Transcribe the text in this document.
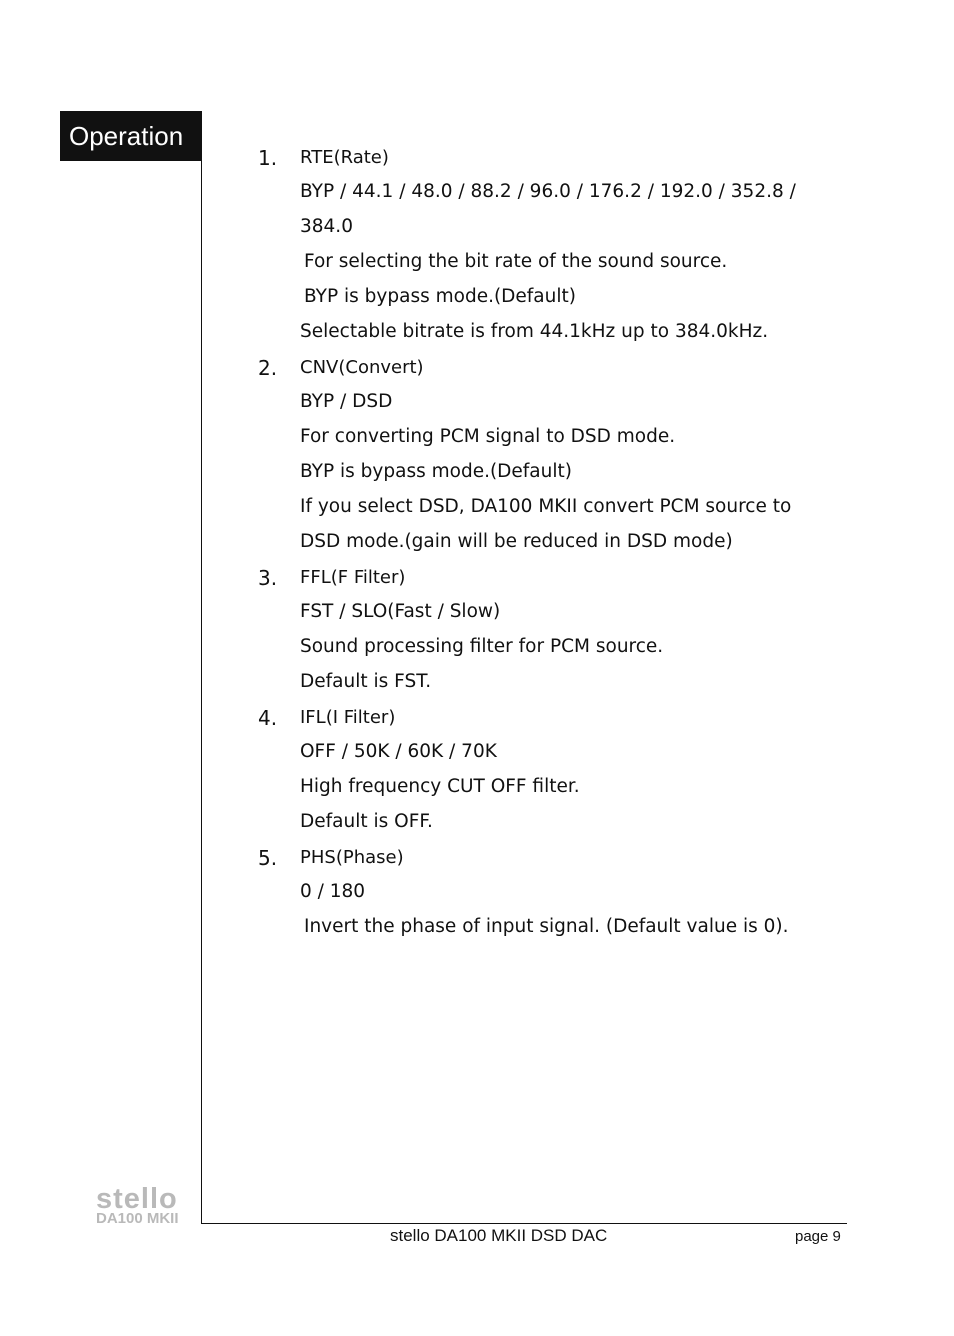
Operation
1. RTE(Rate)
BYP / 44.1 / 48.0 / 88.2 / 96.0 / 176.2 / 192.0 / 352.8 /
384.0
For selecting the bit rate of the sound source.
BYP is bypass mode.(Default)
Selectable bitrate is from 44.1kHz up to 384.0kHz.
2. CNV(Convert)
BYP / DSD
For converting PCM signal to DSD mode.
BYP is bypass mode.(Default)
If you select DSD, DA100 MKII convert PCM source to
DSD mode.(gain will be reduced in DSD mode)
3. FFL(F Filter)
FST / SLO(Fast / Slow)
Sound processing filter for PCM source.
Default is FST.
4. IFL(I Filter)
OFF / 50K / 60K / 70K
High frequency CUT OFF filter.
Default is OFF.
5. PHS(Phase)
0 / 180
Invert the phase of input signal. (Default value is 0).
stello
DA100 MKII
stello DA100 MKII DSD DAC	page 9
